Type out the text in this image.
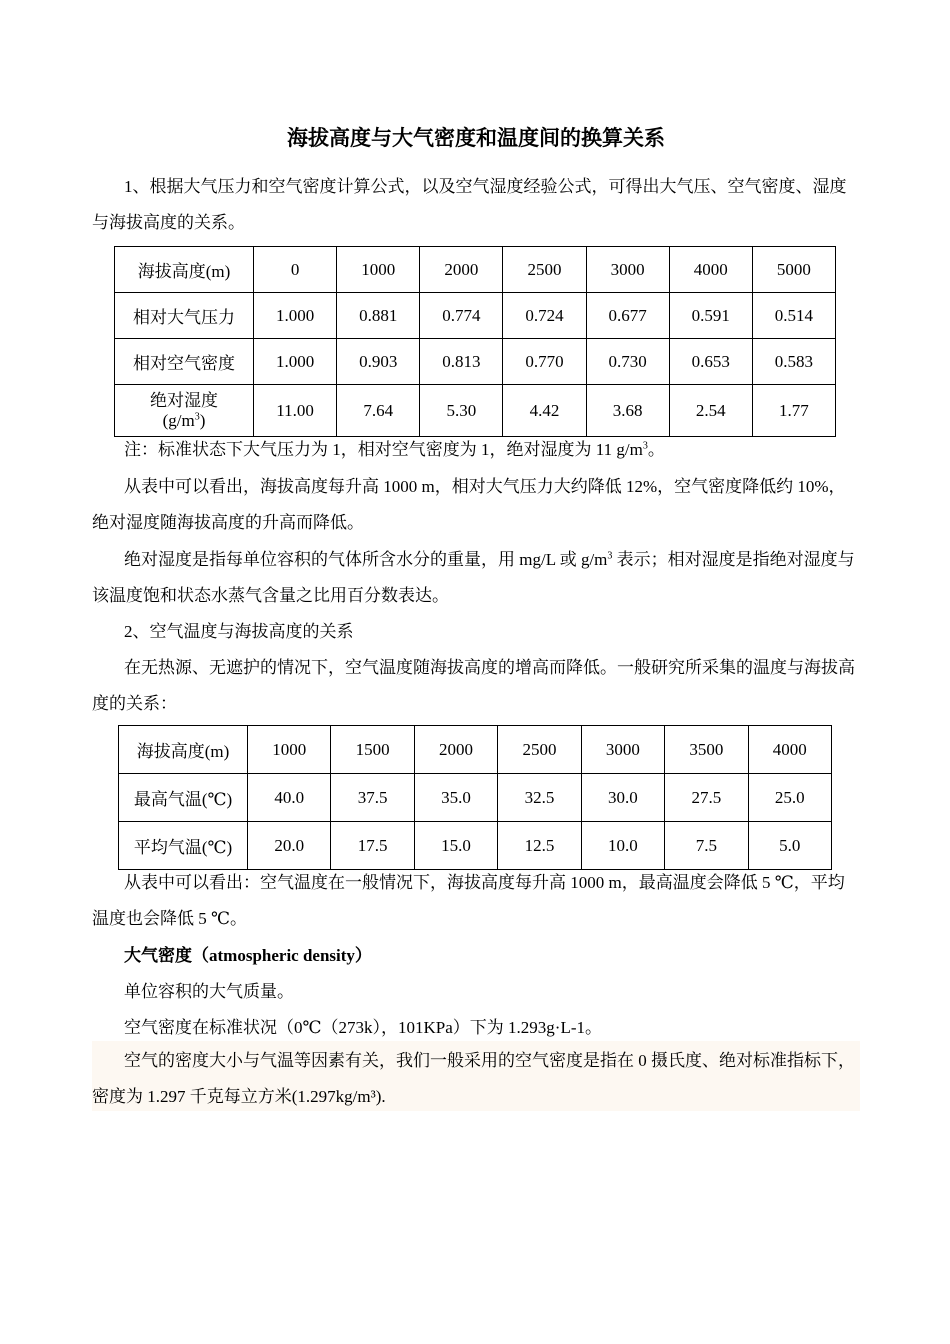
海拔高度与大气密度和温度间的换算关系

1、根据大气压力和空气密度计算公式，以及空气湿度经验公式，可得出大气压、空气密度、湿度与海拔高度的关系。

海拔高度(m)	0	1000	2000	2500	3000	4000	5000
相对大气压力	1.000	0.881	0.774	0.724	0.677	0.591	0.514
相对空气密度	1.000	0.903	0.813	0.770	0.730	0.653	0.583

绝对湿度
$(g/m^3)$	11.00	7.64	5.30	4.42	3.68	2.54	1.77

注：标准状态下大气压力为 1，相对空气密度为 1，绝对湿度为 11 $g/m^3$。

从表中可以看出，海拔高度每升高 1000 m，相对大气压力大约降低 12%，空气密度降低约 10%，绝对湿度随海拔高度的升高而降低。

绝对湿度是指每单位容积的气体所含水分的重量，用 mg/L 或 $g/m^3$ 表示；相对湿度是指绝对湿度与该温度饱和状态水蒸气含量之比用百分数表达。

2、空气温度与海拔高度的关系

在无热源、无遮护的情况下，空气温度随海拔高度的增高而降低。一般研究所采集的温度与海拔高度的关系：

海拔高度(m)	1000	1500	2000	2500	3000	3500	4000
最高气温(℃)	40.0	37.5	35.0	32.5	30.0	27.5	25.0
平均气温(℃)	20.0	17.5	15.0	12.5	10.0	7.5	5.0

从表中可以看出：空气温度在一般情况下，海拔高度每升高 1000 m，最高温度会降低 5 ℃，平均温度也会降低 5 ℃。

大气密度（atmospheric density）

单位容积的大气质量。

空气密度在标准状况（0℃（273k），101KPa）下为 1.293g·L-1。

空气的密度大小与气温等因素有关，我们一般采用的空气密度是指在 0 摄氏度、绝对标准指标下，密度为 1.297 千克每立方米(1.297kg/m³).
